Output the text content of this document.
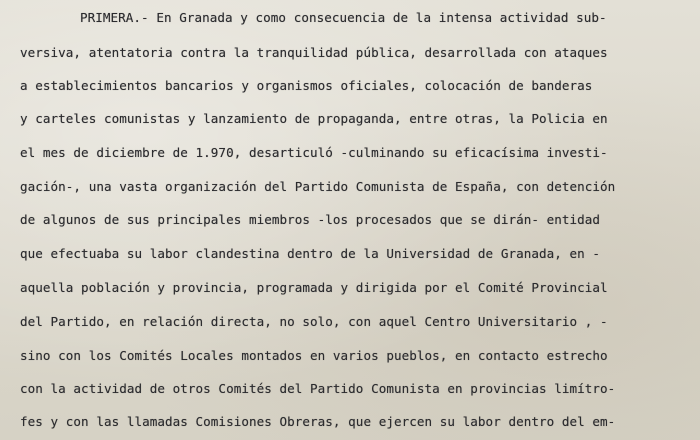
PRIMERA.- En Granada y como consecuencia de la intensa actividad sub-
versiva, atentatoria contra la tranquilidad pública, desarrollada con ataques
a establecimientos bancarios y organismos oficiales, colocación de banderas
y carteles comunistas y lanzamiento de propaganda, entre otras, la Policia en
el mes de diciembre de 1.970, desarticuló -culminando su eficacísima investi-
gación-, una vasta organización del Partido Comunista de España, con detención
de algunos de sus principales miembros -los procesados que se dirán- entidad
que efectuaba su labor clandestina dentro de la Universidad de Granada, en -
aquella población y provincia, programada y dirigida por el Comité Provincial
del Partido, en relación directa, no solo, con aquel Centro Universitario , -
sino con los Comités Locales montados en varios pueblos, en contacto estrecho
con la actividad de otros Comités del Partido Comunista en provincias limítro-
fes y con las llamadas Comisiones Obreras, que ejercen su labor dentro del em-
